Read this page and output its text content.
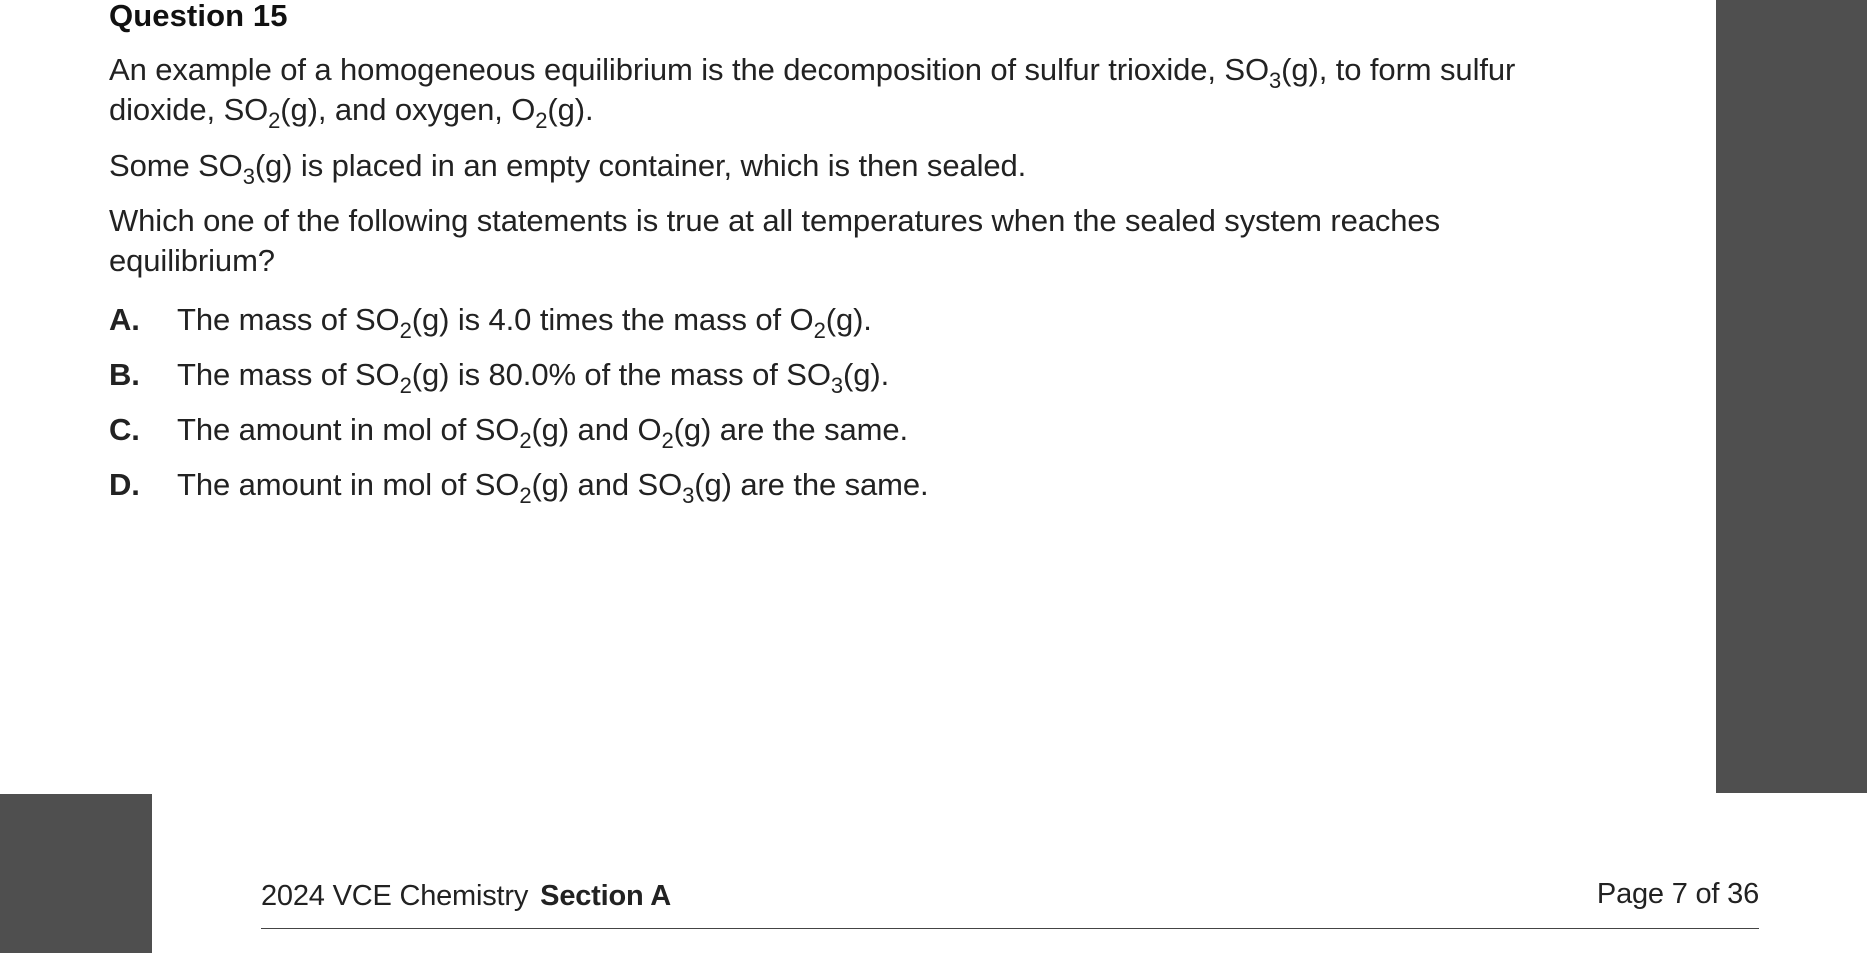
Question 15

An example of a homogeneous equilibrium is the decomposition of sulfur trioxide, $SO_3(g)$, to form sulfur dioxide, $SO_2(g)$, and oxygen, $O_2(g)$.

Some $SO_3(g)$ is placed in an empty container, which is then sealed.

Which one of the following statements is true at all temperatures when the sealed system reaches equilibrium?

A.	The mass of $SO_2(g)$ is 4.0 times the mass of $O_2(g)$.
B.	The mass of $SO_2(g)$ is 80.0% of the mass of $SO_3(g)$.
C.	The amount in mol of $SO_2(g)$ and $O_2(g)$ are the same.
D.	The amount in mol of $SO_2(g)$ and $SO_3(g)$ are the same.
2024 VCE Chemistry Section A	Page 7 of 36
